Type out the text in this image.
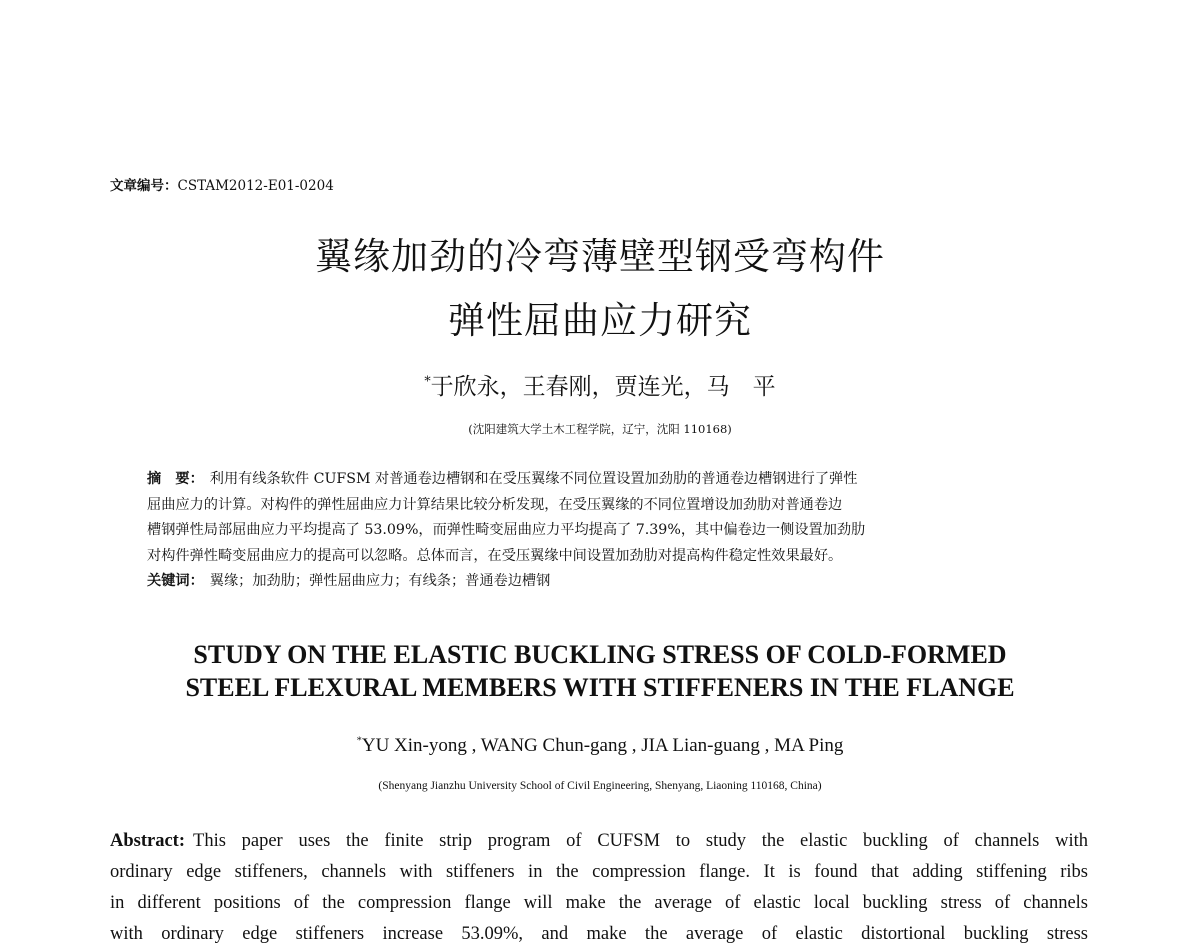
文章编号：CSTAM2012-E01-0204
翼缘加劲的冷弯薄壁型钢受弯构件
弹性屈曲应力研究
*于欣永，王春刚，贾连光，马　平
(沈阳建筑大学土木工程学院，辽宁，沈阳 110168)
摘　要： 利用有线条软件 CUFSM 对普通卷边槽钢和在受压翼缘不同位置设置加劲肋的普通卷边槽钢进行了弹性
屈曲应力的计算。对构件的弹性屈曲应力计算结果比较分析发现，在受压翼缘的不同位置增设加劲肋对普通卷边
槽钢弹性局部屈曲应力平均提高了 53.09%，而弹性畸变屈曲应力平均提高了 7.39%，其中偏卷边一侧设置加劲肋
对构件弹性畸变屈曲应力的提高可以忽略。总体而言，在受压翼缘中间设置加劲肋对提高构件稳定性效果最好。
关键词： 翼缘；加劲肋；弹性屈曲应力；有线条；普通卷边槽钢
STUDY ON THE ELASTIC BUCKLING STRESS OF COLD-FORMED
STEEL FLEXURAL MEMBERS WITH STIFFENERS IN THE FLANGE
*YU Xin-yong , WANG Chun-gang , JIA Lian-guang , MA Ping
(Shenyang Jianzhu University School of Civil Engineering, Shenyang, Liaoning 110168, China)
Abstract: This paper uses the finite strip program of CUFSM to study the elastic buckling of channels with
ordinary edge stiffeners, channels with stiffeners in the compression flange. It is found that adding stiffening ribs
in different positions of the compression flange will make the average of elastic local buckling stress of channels
with ordinary edge stiffeners increase 53.09%, and make the average of elastic distortional buckling stress
